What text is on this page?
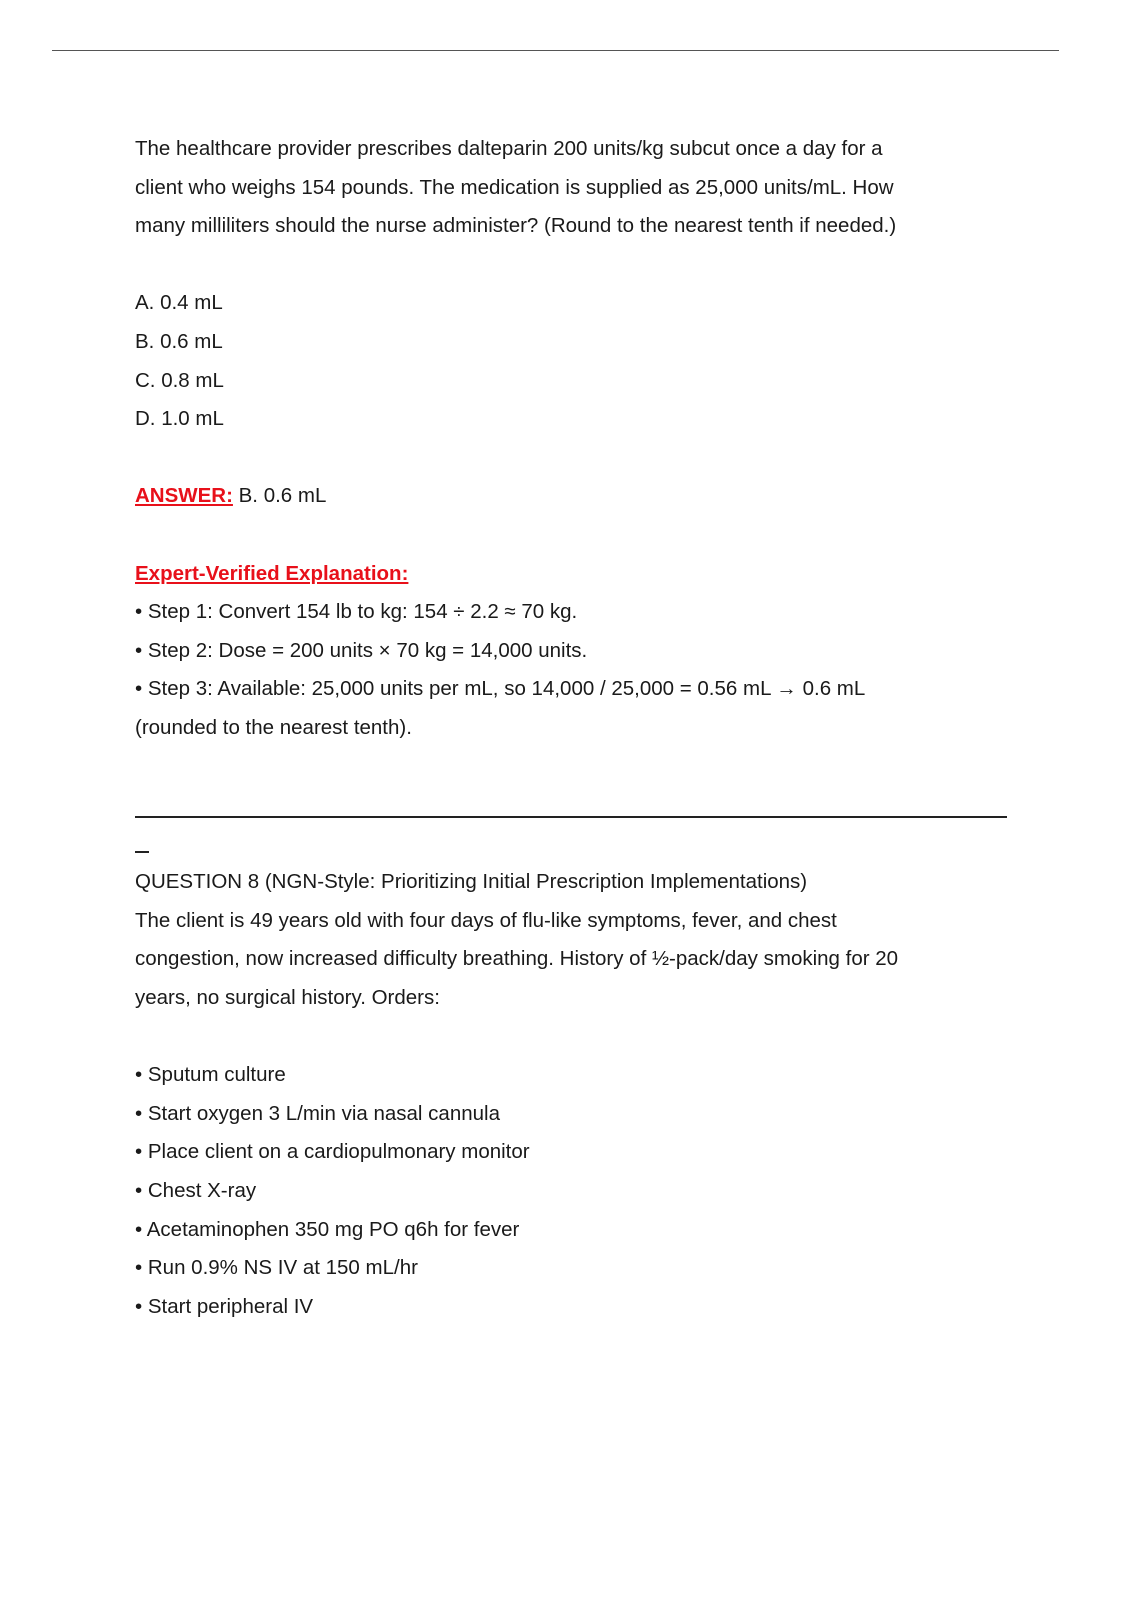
The healthcare provider prescribes dalteparin 200 units/kg subcut once a day for a
client who weighs 154 pounds. The medication is supplied as 25,000 units/mL. How
many milliliters should the nurse administer? (Round to the nearest tenth if needed.)
A. 0.4 mL
B. 0.6 mL
C. 0.8 mL
D. 1.0 mL
ANSWER: B. 0.6 mL
Expert-Verified Explanation:
• Step 1: Convert 154 lb to kg: 154 ÷ 2.2 ≈ 70 kg.
• Step 2: Dose = 200 units × 70 kg = 14,000 units.
• Step 3: Available: 25,000 units per mL, so 14,000 / 25,000 = 0.56 mL → 0.6 mL
(rounded to the nearest tenth).
QUESTION 8 (NGN-Style: Prioritizing Initial Prescription Implementations)
The client is 49 years old with four days of flu-like symptoms, fever, and chest
congestion, now increased difficulty breathing. History of ½-pack/day smoking for 20
years, no surgical history. Orders:
• Sputum culture
• Start oxygen 3 L/min via nasal cannula
• Place client on a cardiopulmonary monitor
• Chest X-ray
• Acetaminophen 350 mg PO q6h for fever
• Run 0.9% NS IV at 150 mL/hr
• Start peripheral IV
